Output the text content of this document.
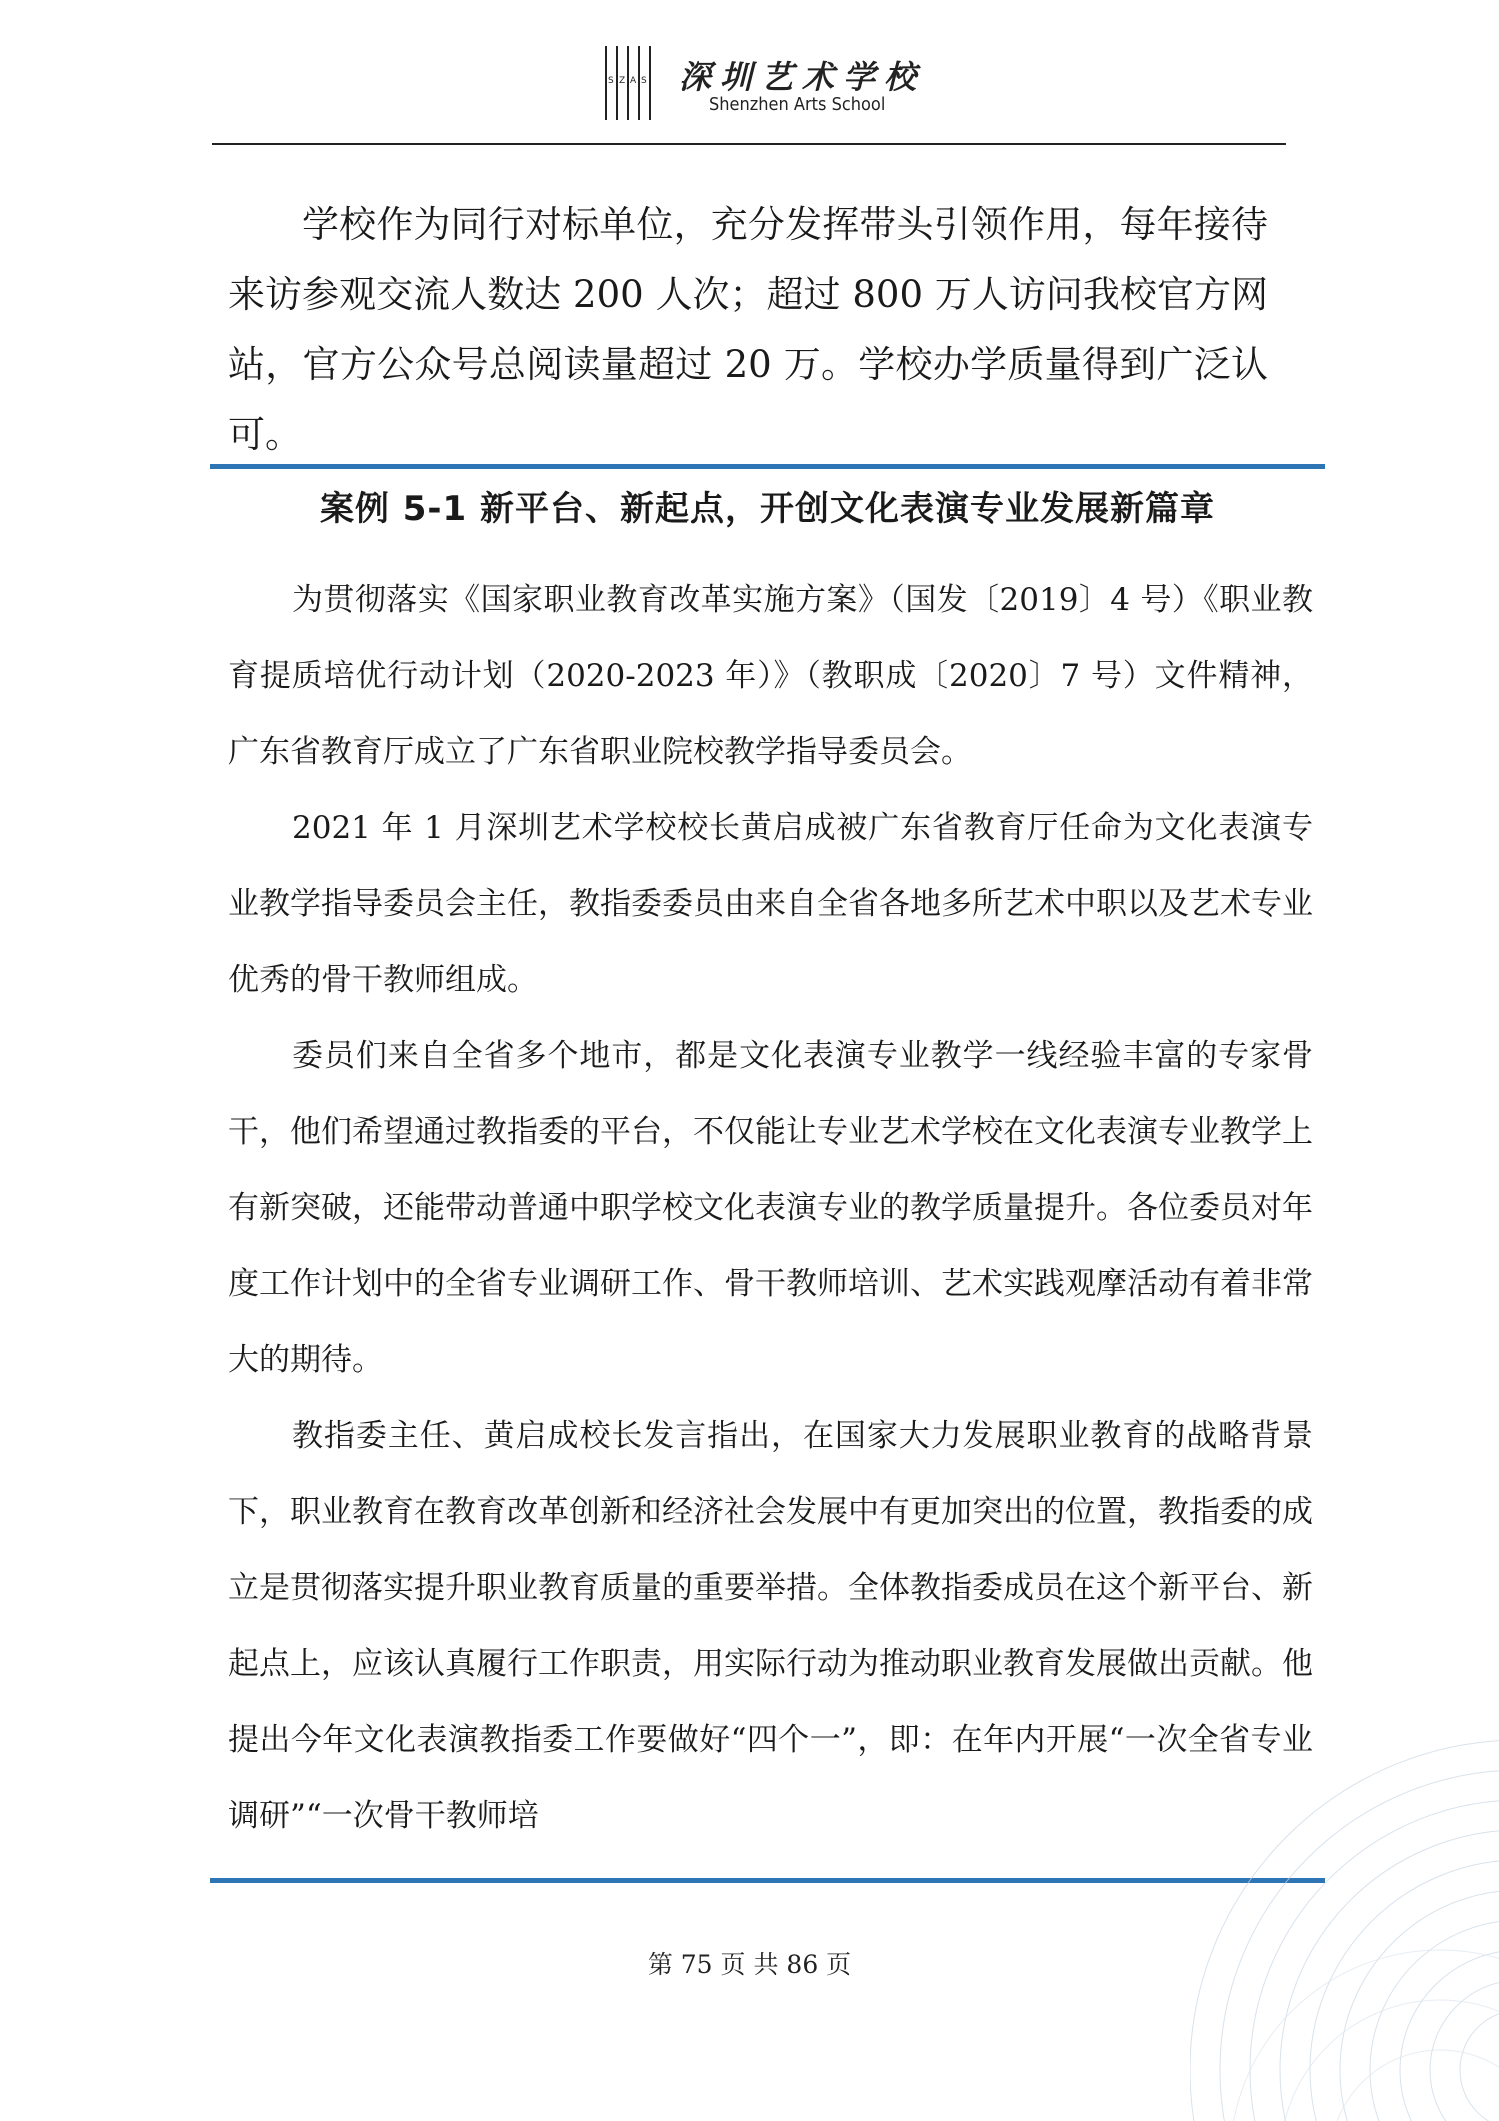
S Z A S 深圳艺术学校
Shenzhen Arts School

学校作为同行对标单位，充分发挥带头引领作用，每年接待来访参观交流人数达 200 人次；超过 800 万人访问我校官方网站，官方公众号总阅读量超过 20 万。学校办学质量得到广泛认可。

案例 5-1 新平台、新起点，开创文化表演专业发展新篇章

为贯彻落实《国家职业教育改革实施方案》（国发〔2019〕4 号）《职业教育提质培优行动计划（2020-2023 年）》（教职成〔2020〕7 号）文件精神，广东省教育厅成立了广东省职业院校教学指导委员会。

2021 年 1 月深圳艺术学校校长黄启成被广东省教育厅任命为文化表演专业教学指导委员会主任，教指委委员由来自全省各地多所艺术中职以及艺术专业优秀的骨干教师组成。

委员们来自全省多个地市，都是文化表演专业教学一线经验丰富的专家骨干，他们希望通过教指委的平台，不仅能让专业艺术学校在文化表演专业教学上有新突破，还能带动普通中职学校文化表演专业的教学质量提升。各位委员对年度工作计划中的全省专业调研工作、骨干教师培训、艺术实践观摩活动有着非常大的期待。

教指委主任、黄启成校长发言指出，在国家大力发展职业教育的战略背景下，职业教育在教育改革创新和经济社会发展中有更加突出的位置，教指委的成立是贯彻落实提升职业教育质量的重要举措。全体教指委成员在这个新平台、新起点上，应该认真履行工作职责，用实际行动为推动职业教育发展做出贡献。他提出今年文化表演教指委工作要做好“四个一”，即：在年内开展“一次全省专业调研”“一次骨干教师培

第 75 页 共 86 页
